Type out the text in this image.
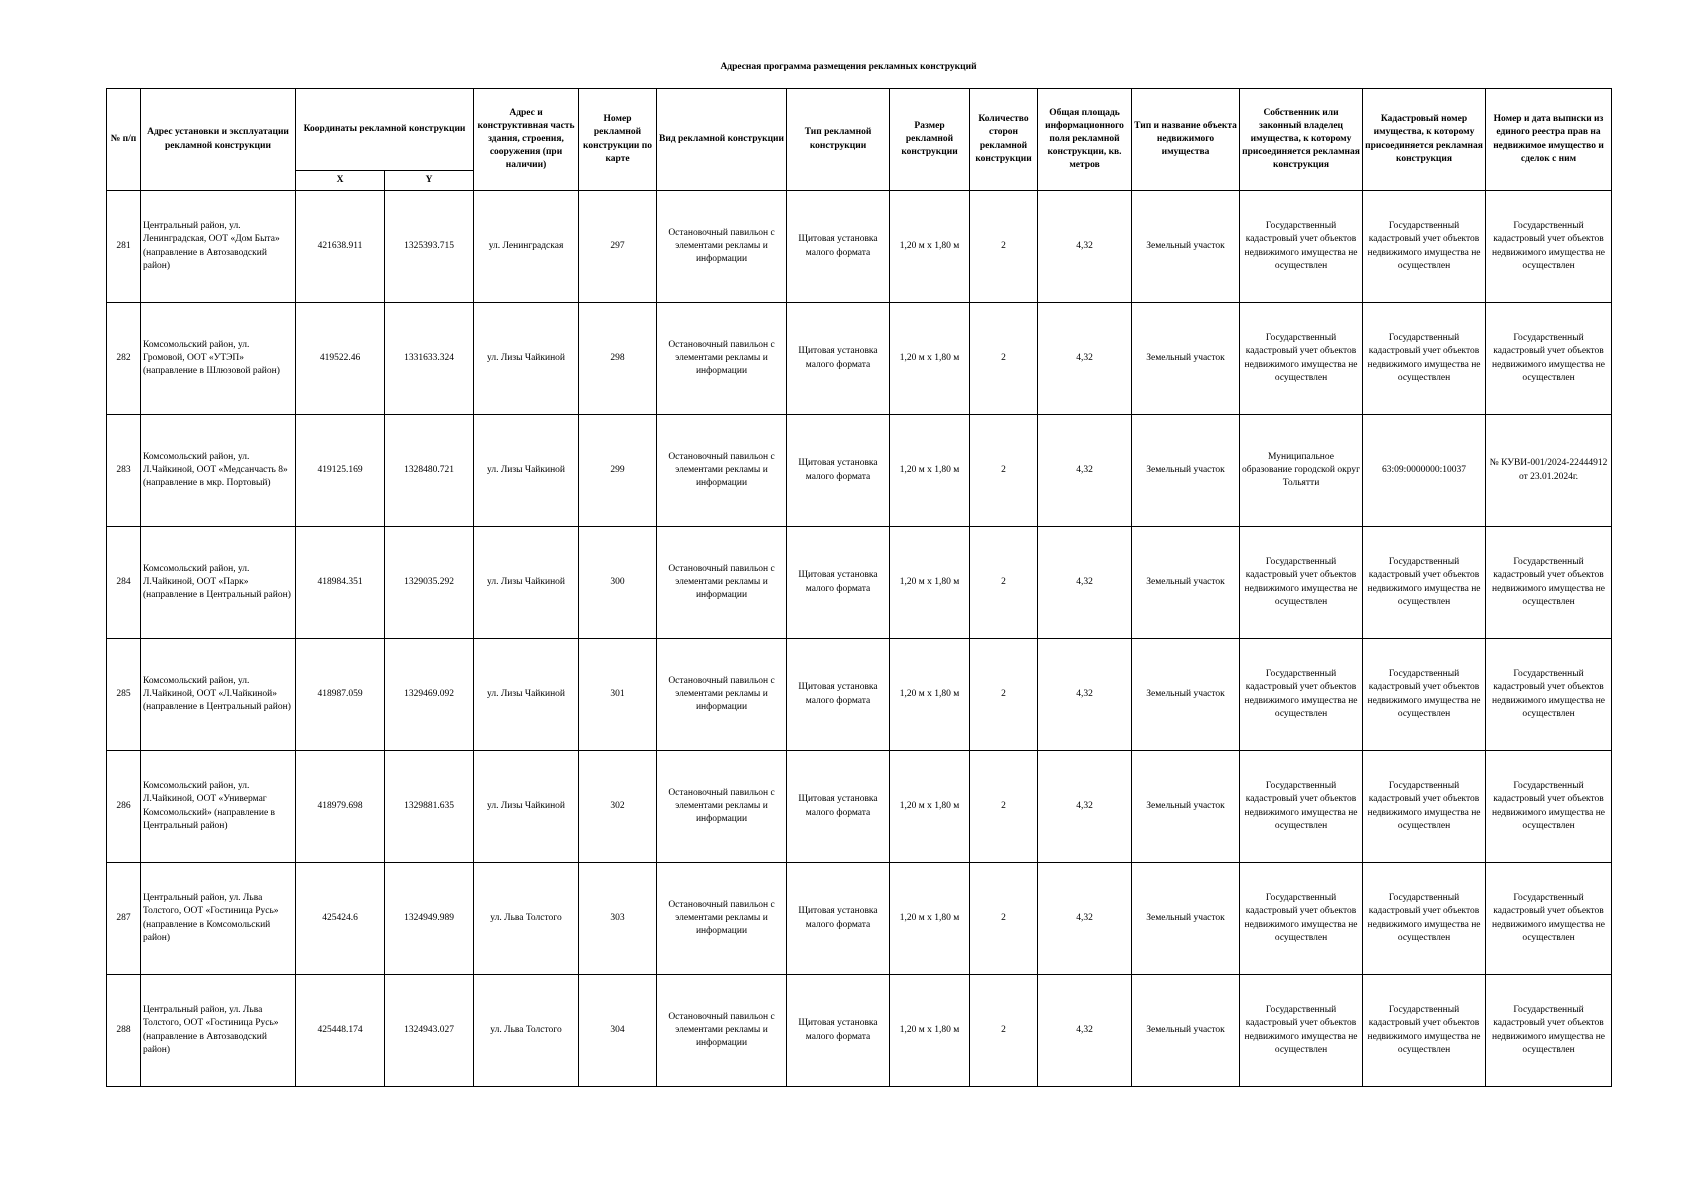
Адресная программа размещения рекламных конструкций
№ п/п	Адрес установки и эксплуатации рекламной конструкции	Координаты рекламной конструкции		Адрес и конструктивная часть здания, строения, сооружения (при наличии)	Номер рекламной конструкции по карте	Вид рекламной конструкции	Тип рекламной конструкции	Размер рекламной конструкции	Количество сторон рекламной конструкции	Общая площадь информационного поля рекламной конструкции, кв. метров	Тип и название объекта недвижимого имущества	Собственник или законный владелец имущества, к которому присоединяется рекламная конструкция	Кадастровый номер имущества, к которому присоединяется рекламная конструкция	Номер и дата выписки из единого реестра прав на недвижимое имущество и сделок с ним
		X	Y											
281	Центральный район, ул. Ленинградская, ООТ «Дом Быта» (направление в Автозаводский район)	421638.911	1325393.715	ул. Ленинградская	297	Остановочный павильон с элементами рекламы и информации	Щитовая установка малого формата	1,20 м х 1,80 м	2	4,32	Земельный участок	Государственный кадастровый учет объектов недвижимого имущества не осуществлен	Государственный кадастровый учет объектов недвижимого имущества не осуществлен	Государственный кадастровый учет объектов недвижимого имущества не осуществлен
282	Комсомольский район, ул. Громовой, ООТ «УТЭП» (направление в Шлюзовой район)	419522.46	1331633.324	ул. Лизы Чайкиной	298	Остановочный павильон с элементами рекламы и информации	Щитовая установка малого формата	1,20 м х 1,80 м	2	4,32	Земельный участок	Государственный кадастровый учет объектов недвижимого имущества не осуществлен	Государственный кадастровый учет объектов недвижимого имущества не осуществлен	Государственный кадастровый учет объектов недвижимого имущества не осуществлен
283	Комсомольский район, ул. Л.Чайкиной, ООТ «Медсанчасть 8» (направление в мкр. Портовый)	419125.169	1328480.721	ул. Лизы Чайкиной	299	Остановочный павильон с элементами рекламы и информации	Щитовая установка малого формата	1,20 м х 1,80 м	2	4,32	Земельный участок	Муниципальное образование городской округ Тольятти	63:09:0000000:10037	№ КУВИ-001/2024-22444912 от 23.01.2024г.
284	Комсомольский район, ул. Л.Чайкиной, ООТ «Парк» (направление в Центральный район)	418984.351	1329035.292	ул. Лизы Чайкиной	300	Остановочный павильон с элементами рекламы и информации	Щитовая установка малого формата	1,20 м х 1,80 м	2	4,32	Земельный участок	Государственный кадастровый учет объектов недвижимого имущества не осуществлен	Государственный кадастровый учет объектов недвижимого имущества не осуществлен	Государственный кадастровый учет объектов недвижимого имущества не осуществлен
285	Комсомольский район, ул. Л.Чайкиной, ООТ «Л.Чайкиной» (направление в Центральный район)	418987.059	1329469.092	ул. Лизы Чайкиной	301	Остановочный павильон с элементами рекламы и информации	Щитовая установка малого формата	1,20 м х 1,80 м	2	4,32	Земельный участок	Государственный кадастровый учет объектов недвижимого имущества не осуществлен	Государственный кадастровый учет объектов недвижимого имущества не осуществлен	Государственный кадастровый учет объектов недвижимого имущества не осуществлен
286	Комсомольский район, ул. Л.Чайкиной, ООТ «Универмаг Комсомольский» (направление в Центральный район)	418979.698	1329881.635	ул. Лизы Чайкиной	302	Остановочный павильон с элементами рекламы и информации	Щитовая установка малого формата	1,20 м х 1,80 м	2	4,32	Земельный участок	Государственный кадастровый учет объектов недвижимого имущества не осуществлен	Государственный кадастровый учет объектов недвижимого имущества не осуществлен	Государственный кадастровый учет объектов недвижимого имущества не осуществлен
287	Центральный район, ул. Льва Толстого, ООТ «Гостиница Русь» (направление в Комсомольский район)	425424.6	1324949.989	ул. Льва Толстого	303	Остановочный павильон с элементами рекламы и информации	Щитовая установка малого формата	1,20 м х 1,80 м	2	4,32	Земельный участок	Государственный кадастровый учет объектов недвижимого имущества не осуществлен	Государственный кадастровый учет объектов недвижимого имущества не осуществлен	Государственный кадастровый учет объектов недвижимого имущества не осуществлен
288	Центральный район, ул. Льва Толстого, ООТ «Гостиница Русь» (направление в Автозаводский район)	425448.174	1324943.027	ул. Льва Толстого	304	Остановочный павильон с элементами рекламы и информации	Щитовая установка малого формата	1,20 м х 1,80 м	2	4,32	Земельный участок	Государственный кадастровый учет объектов недвижимого имущества не осуществлен	Государственный кадастровый учет объектов недвижимого имущества не осуществлен	Государственный кадастровый учет объектов недвижимого имущества не осуществлен
